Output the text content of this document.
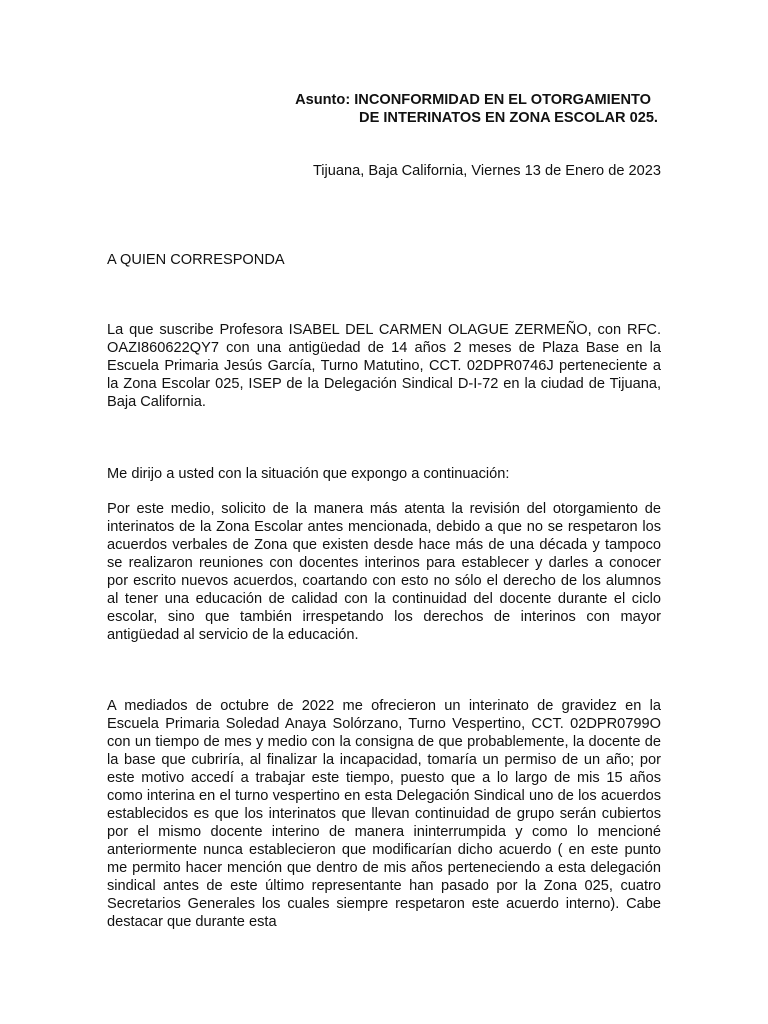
Asunto: INCONFORMIDAD EN EL OTORGAMIENTO
DE INTERINATOS EN ZONA ESCOLAR 025.
Tijuana, Baja California, Viernes 13 de Enero de 2023
A QUIEN CORRESPONDA

La que suscribe Profesora ISABEL DEL CARMEN OLAGUE ZERMEÑO, con RFC. OAZI860622QY7 con una antigüedad de 14 años 2 meses de Plaza Base en la Escuela Primaria Jesús García, Turno Matutino, CCT. 02DPR0746J perteneciente a la Zona Escolar 025, ISEP de la Delegación Sindical D-I-72 en la ciudad de Tijuana, Baja California.

Me dirijo a usted con la situación que expongo a continuación:

Por este medio, solicito de la manera más atenta la revisión del otorgamiento de interinatos de la Zona Escolar antes mencionada, debido a que no se respetaron los acuerdos verbales de Zona que existen desde hace más de una década y tampoco se realizaron reuniones con docentes interinos para establecer y darles a conocer por escrito nuevos acuerdos, coartando con esto no sólo el derecho de los alumnos al tener una educación de calidad con la continuidad del docente durante el ciclo escolar, sino que también irrespetando los derechos de interinos con mayor antigüedad al servicio de la educación.

A mediados de octubre de 2022 me ofrecieron un interinato de gravidez en la Escuela Primaria Soledad Anaya Solórzano, Turno Vespertino, CCT. 02DPR0799O con un tiempo de mes y medio con la consigna de que probablemente, la docente de la base que cubriría, al finalizar la incapacidad, tomaría un permiso de un año; por este motivo accedí a trabajar este tiempo, puesto que a lo largo de mis 15 años como interina en el turno vespertino en esta Delegación Sindical uno de los acuerdos establecidos es que los interinatos que llevan continuidad de grupo serán cubiertos por el mismo docente interino de manera ininterrumpida y como lo mencioné anteriormente nunca establecieron que modificarían dicho acuerdo ( en este punto me permito hacer mención que dentro de mis años perteneciendo a esta delegación sindical antes de este último representante han pasado por la Zona 025, cuatro Secretarios Generales los cuales siempre respetaron este acuerdo interno). Cabe destacar que durante esta
